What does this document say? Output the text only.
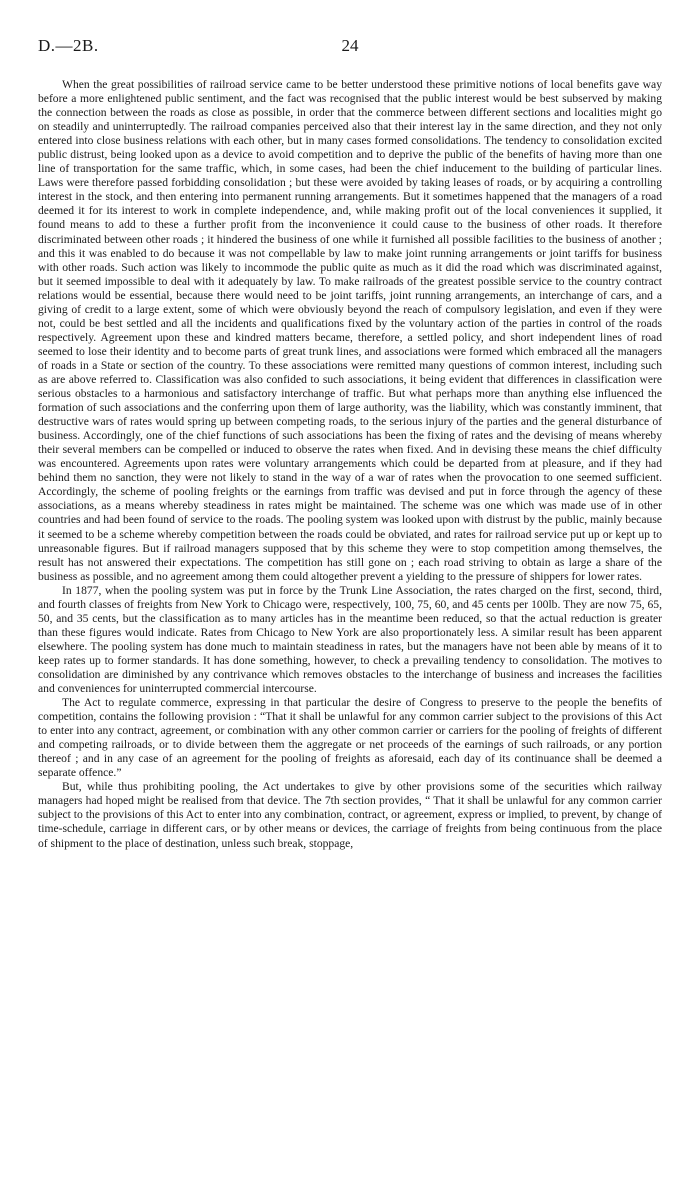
D.—2B.	24

When the great possibilities of railroad service came to be better understood these primitive notions of local benefits gave way before a more enlightened public sentiment, and the fact was recognised that the public interest would be best subserved by making the connection between the roads as close as possible, in order that the commerce between different sections and localities might go on steadily and uninterruptedly. The railroad companies perceived also that their interest lay in the same direction, and they not only entered into close business relations with each other, but in many cases formed consolidations. The tendency to consolidation excited public distrust, being looked upon as a device to avoid competition and to deprive the public of the benefits of having more than one line of transportation for the same traffic, which, in some cases, had been the chief inducement to the building of particular lines. Laws were therefore passed forbidding consolidation ; but these were avoided by taking leases of roads, or by acquiring a controlling interest in the stock, and then entering into permanent running arrangements. But it sometimes happened that the managers of a road deemed it for its interest to work in complete independence, and, while making profit out of the local conveniences it supplied, it found means to add to these a further profit from the inconvenience it could cause to the business of other roads. It therefore discriminated between other roads ; it hindered the business of one while it furnished all possible facilities to the business of another ; and this it was enabled to do because it was not compellable by law to make joint running arrangements or joint tariffs for business with other roads. Such action was likely to incommode the public quite as much as it did the road which was discriminated against, but it seemed impossible to deal with it adequately by law. To make railroads of the greatest possible service to the country contract relations would be essential, because there would need to be joint tariffs, joint running arrangements, an interchange of cars, and a giving of credit to a large extent, some of which were obviously beyond the reach of compulsory legislation, and even if they were not, could be best settled and all the incidents and qualifications fixed by the voluntary action of the parties in control of the roads respectively. Agreement upon these and kindred matters became, therefore, a settled policy, and short independent lines of road seemed to lose their identity and to become parts of great trunk lines, and associations were formed which embraced all the managers of roads in a State or section of the country. To these associations were remitted many questions of common interest, including such as are above referred to. Classification was also confided to such associations, it being evident that differences in classification were serious obstacles to a harmonious and satisfactory interchange of traffic. But what perhaps more than anything else influenced the formation of such associations and the conferring upon them of large authority, was the liability, which was constantly imminent, that destructive wars of rates would spring up between competing roads, to the serious injury of the parties and the general disturbance of business. Accordingly, one of the chief functions of such associations has been the fixing of rates and the devising of means whereby their several members can be compelled or induced to observe the rates when fixed. And in devising these means the chief difficulty was encountered. Agreements upon rates were voluntary arrangements which could be departed from at pleasure, and if they had behind them no sanction, they were not likely to stand in the way of a war of rates when the provocation to one seemed sufficient. Accordingly, the scheme of pooling freights or the earnings from traffic was devised and put in force through the agency of these associations, as a means whereby steadiness in rates might be maintained. The scheme was one which was made use of in other countries and had been found of service to the roads. The pooling system was looked upon with distrust by the public, mainly because it seemed to be a scheme whereby competition between the roads could be obviated, and rates for railroad service put up or kept up to unreasonable figures. But if railroad managers supposed that by this scheme they were to stop competition among themselves, the result has not answered their expectations. The competition has still gone on ; each road striving to obtain as large a share of the business as possible, and no agreement among them could altogether prevent a yielding to the pressure of shippers for lower rates.

In 1877, when the pooling system was put in force by the Trunk Line Association, the rates charged on the first, second, third, and fourth classes of freights from New York to Chicago were, respectively, 100, 75, 60, and 45 cents per 100lb. They are now 75, 65, 50, and 35 cents, but the classification as to many articles has in the meantime been reduced, so that the actual reduction is greater than these figures would indicate. Rates from Chicago to New York are also proportionately less. A similar result has been apparent elsewhere. The pooling system has done much to maintain steadiness in rates, but the managers have not been able by means of it to keep rates up to former standards. It has done something, however, to check a prevailing tendency to consolidation. The motives to consolidation are diminished by any contrivance which removes obstacles to the interchange of business and increases the facilities and conveniences for uninterrupted commercial intercourse.

The Act to regulate commerce, expressing in that particular the desire of Congress to preserve to the people the benefits of competition, contains the following provision : “That it shall be unlawful for any common carrier subject to the provisions of this Act to enter into any contract, agreement, or combination with any other common carrier or carriers for the pooling of freights of different and competing railroads, or to divide between them the aggregate or net proceeds of the earnings of such railroads, or any portion thereof ; and in any case of an agreement for the pooling of freights as aforesaid, each day of its continuance shall be deemed a separate offence.”

But, while thus prohibiting pooling, the Act undertakes to give by other provisions some of the securities which railway managers had hoped might be realised from that device. The 7th section provides, “ That it shall be unlawful for any common carrier subject to the provisions of this Act to enter into any combination, contract, or agreement, express or implied, to prevent, by change of time-schedule, carriage in different cars, or by other means or devices, the carriage of freights from being continuous from the place of shipment to the place of destination, unless such break, stoppage,
